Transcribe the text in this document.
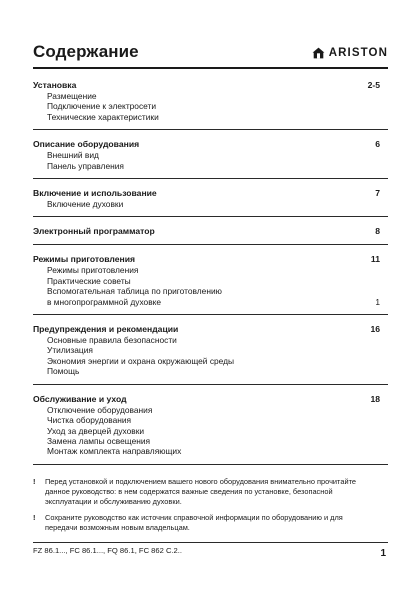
Содержание	ARISTON
Установка	2-5
Размещение
Подключение к электросети
Технические характеристики
Описание оборудования	6
Внешний вид
Панель управления
Включение и использование	7
Включение духовки
Электронный программатор	8
Режимы приготовления	11
Режимы приготовления
Практические советы
Вспомогательная таблица по приготовлению
в многопрограммной духовке	1
Предупреждения и рекомендации	16
Основные правила безопасности
Утилизация
Экономия энергии и охрана окружающей среды
Помощь
Обслуживание и уход	18
Отключение оборудования
Чистка оборудования
Уход за дверцей духовки
Замена лампы освещения
Монтаж комплекта направляющих
!	Перед установкой и подключением вашего нового оборудования внимательно прочитайте данное руководство: в нем содержатся важные сведения по установке, безопасной эксплуатации и обслуживанию духовки.
!	Сохраните руководство как источник справочной информации по оборудованию и для передачи возможным новым владельцам.
FZ 86.1..., FC 86.1..., FQ 86.1, FC 862 C.2..	1
